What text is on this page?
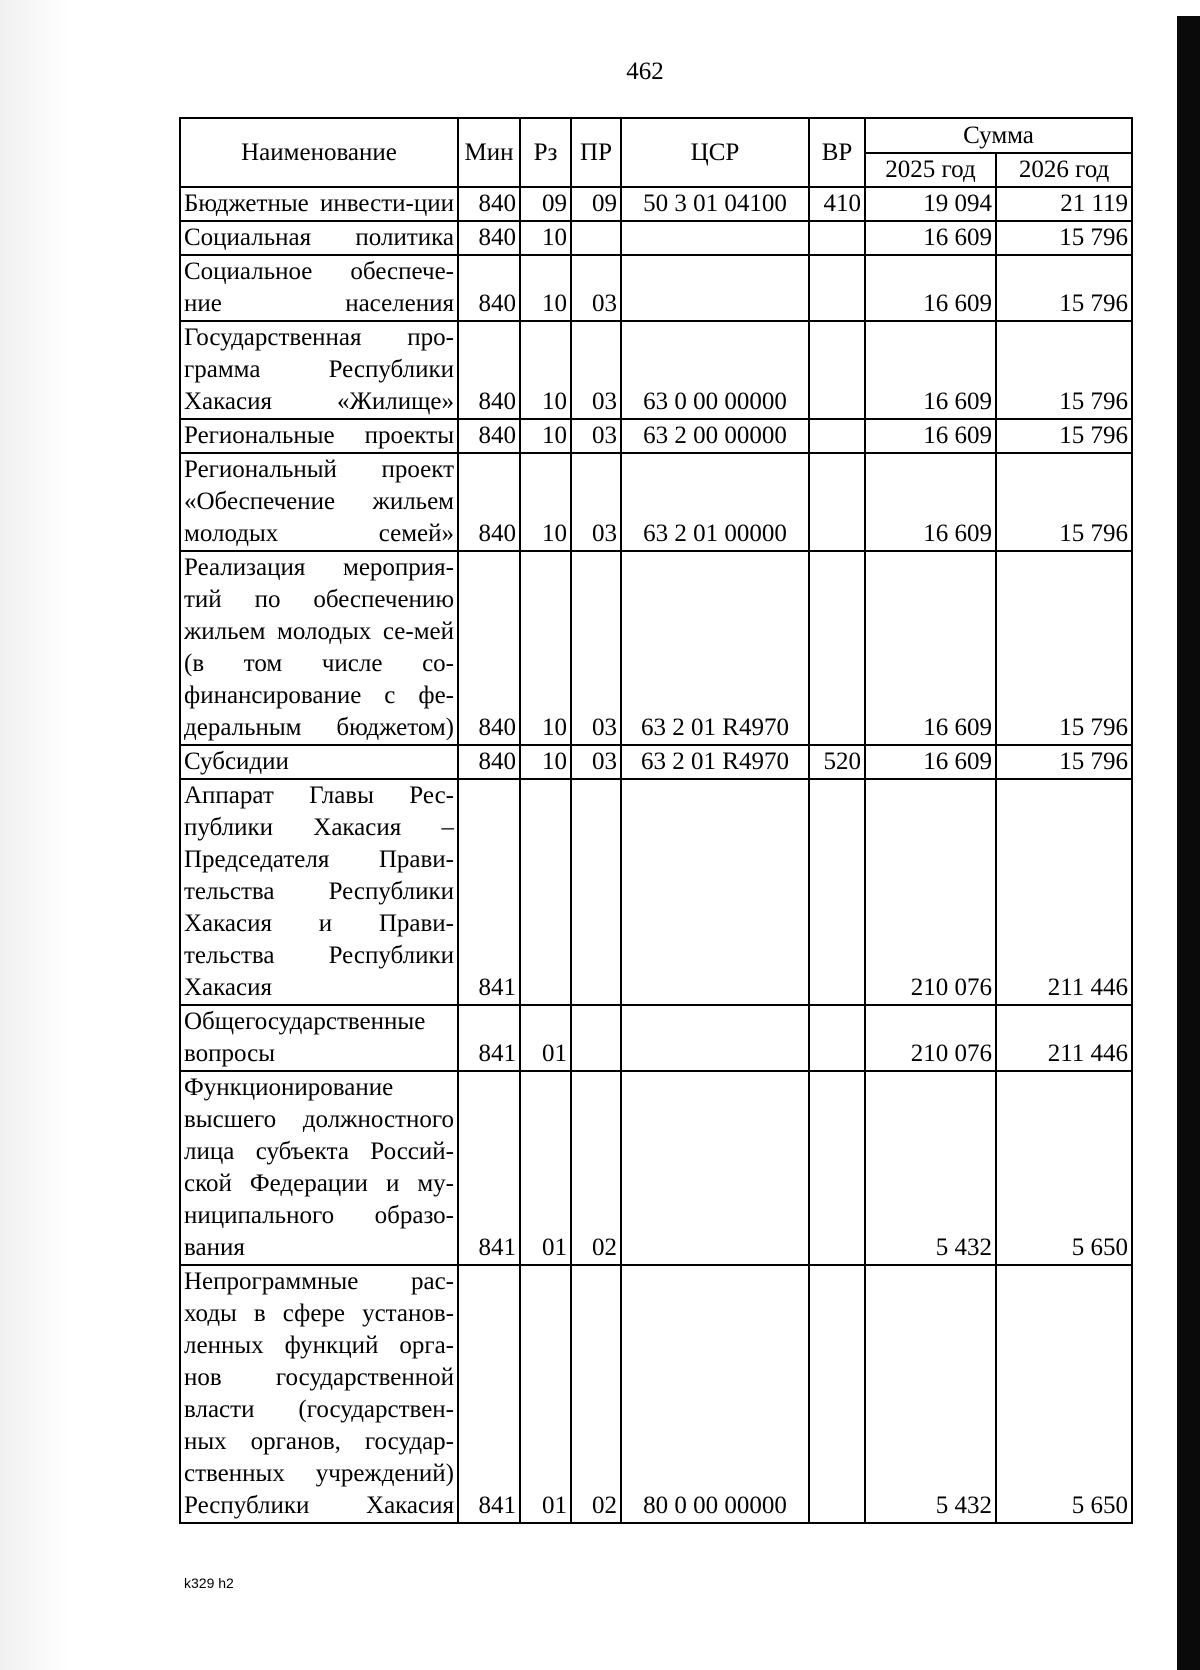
462
Наименование	Мин	Рз	ПР	ЦСР	ВР	Сумма	
						2025 год	2026 год
Бюджетные инвести-ции	840	09	09	50 3 01 04100	410	19 094	21 119
Социальная политика	840	10				16 609	15 796
Социальное обеспече-ние населения	840	10	03			16 609	15 796
Государственная про-грамма Республики Хакасия «Жилище»	840	10	03	63 0 00 00000		16 609	15 796
Региональные проекты	840	10	03	63 2 00 00000		16 609	15 796
Региональный проект «Обеспечение жильем молодых семей»	840	10	03	63 2 01 00000		16 609	15 796
Реализация мероприя-тий по обеспечению жильем молодых се-мей (в том числе со-финансирование с фе-деральным бюджетом)	840	10	03	63 2 01 R4970		16 609	15 796
Субсидии	840	10	03	63 2 01 R4970	520	16 609	15 796
Аппарат Главы Рес-публики Хакасия – Председателя Прави-тельства Республики Хакасия и Прави-тельства Республики Хакасия	841					210 076	211 446
Общегосударственные вопросы	841	01				210 076	211 446
Функционирование высшего должностного лица субъекта Россий-ской Федерации и му-ниципального образо-вания	841	01	02			5 432	5 650
Непрограммные рас-ходы в сфере установ-ленных функций орга-нов государственной власти (государствен-ных органов, государ-ственных учреждений) Республики Хакасия	841	01	02	80 0 00 00000		5 432	5 650
k329 h2
